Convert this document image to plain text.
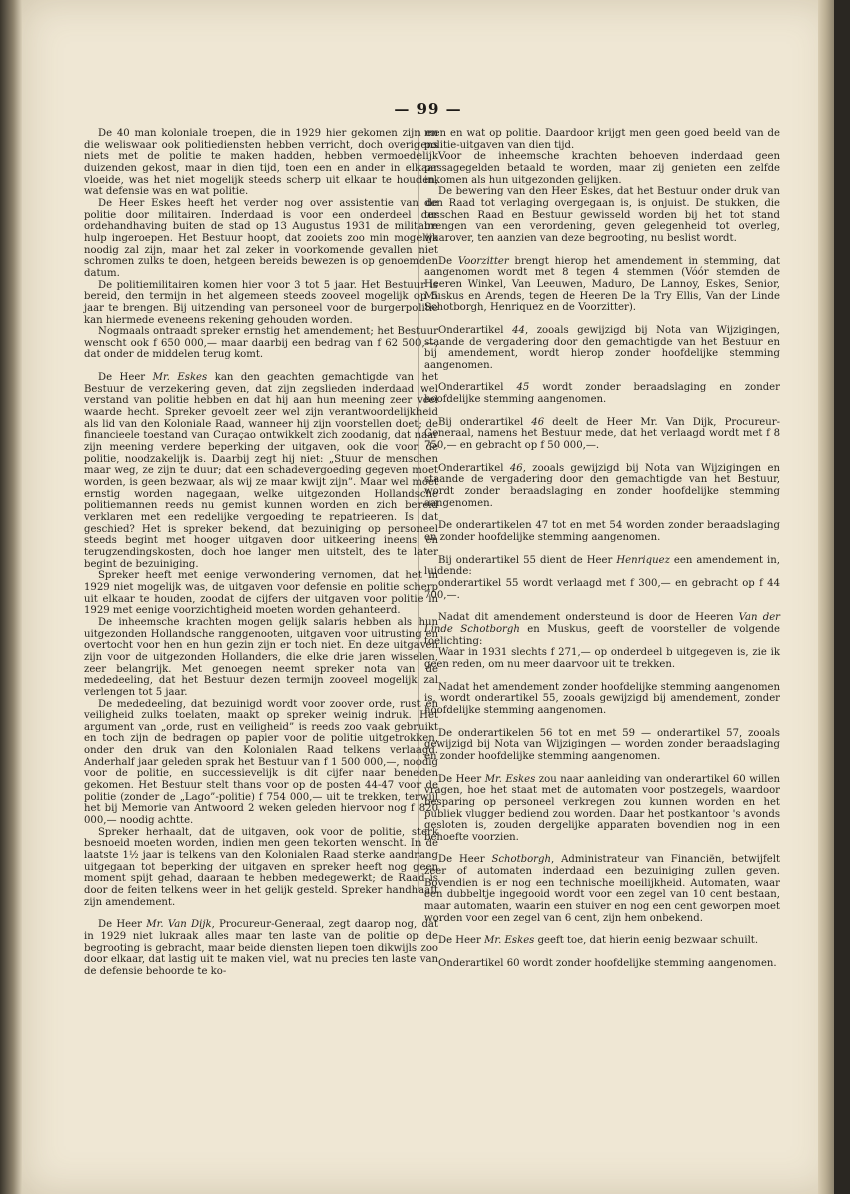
— 99 —

De 40 man koloniale troepen, die in 1929 hier gekomen zijn en die weliswaar ook politiediensten hebben verricht, doch overigens niets met de politie te maken hadden, hebben vermoedelijk duizenden gekost, maar in dien tijd, toen een en ander in elkaar vloeide, was het niet mogelijk steeds scherp uit elkaar te houden, wat defensie was en wat politie.

De Heer Eskes heeft het verder nog over assistentie van de politie door militairen. Inderdaad is voor een onderdeel der ordehandhaving buiten de stad op 13 Augustus 1931 de militaire hulp ingeroepen. Het Bestuur hoopt, dat zooiets zoo min mogelijk noodig zal zijn, maar het zal zeker in voorkomende gevallen niet schromen zulks te doen, hetgeen bereids bewezen is op genoemden datum.

De politiemilitairen komen hier voor 3 tot 5 jaar. Het Bestuur is bereid, den termijn in het algemeen steeds zooveel mogelijk op 5 jaar te brengen. Bij uitzending van personeel voor de burgerpolitie kan hiermede eveneens rekening gehouden worden.

Nogmaals ontraadt spreker ernstig het amendement; het Bestuur wenscht ook f 650 000,— maar daarbij een bedrag van f 62 500,—, dat onder de middelen terug komt.

De Heer Mr. Eskes kan den geachten gemachtigde van het Bestuur de verzekering geven, dat zijn zegslieden inderdaad wel verstand van politie hebben en dat hij aan hun meening zeer veel waarde hecht. Spreker gevoelt zeer wel zijn verantwoordelijkheid als lid van den Koloniale Raad, wanneer hij zijn voorstellen doet; de financieele toestand van Curaçao ontwikkelt zich zoodanig, dat naar zijn meening verdere beperking der uitgaven, ook die voor de politie, noodzakelijk is. Daarbij zegt hij niet: „Stuur de menschen maar weg, ze zijn te duur; dat een schadevergoeding gegeven moet worden, is geen bezwaar, als wij ze maar kwijt zijn”. Maar wel moet ernstig worden nagegaan, welke uitgezonden Hollandsche politiemannen reeds nu gemist kunnen worden en zich bereid verklaren met een redelijke vergoeding te repatrieeren. Is dat geschied? Het is spreker bekend, dat bezuiniging op personeel steeds begint met hooger uitgaven door uitkeering ineens en terugzendingskosten, doch hoe langer men uitstelt, des te later begint de bezuiniging.

Spreker heeft met eenige verwondering vernomen, dat het in 1929 niet mogelijk was, de uitgaven voor defensie en politie scherp uit elkaar te houden, zoodat de cijfers der uitgaven voor politie in 1929 met eenige voorzichtigheid moeten worden gehanteerd.

De inheemsche krachten mogen gelijk salaris hebben als hun uitgezonden Hollandsche ranggenooten, uitgaven voor uitrusting en overtocht voor hen en hun gezin zijn er toch niet. En deze uitgaven zijn voor de uitgezonden Hollanders, die elke drie jaren wisselen, zeer belangrijk. Met genoegen neemt spreker nota van de mededeeling, dat het Bestuur dezen termijn zooveel mogelijk zal verlengen tot 5 jaar.

De mededeeling, dat bezuinigd wordt voor zoover orde, rust en veiligheid zulks toelaten, maakt op spreker weinig indruk. Het argument van „orde, rust en veiligheid” is reeds zoo vaak gebruikt en toch zijn de bedragen op papier voor de politie uitgetrokken, onder den druk van den Kolonialen Raad telkens verlaagd. Anderhalf jaar geleden sprak het Bestuur van f 1 500 000,—, noodig voor de politie, en successievelijk is dit cijfer naar beneden gekomen. Het Bestuur stelt thans voor op de posten 44-47 voor de politie (zonder de „Lago”-politie) f 754 000,— uit te trekken, terwijl het bij Memorie van Antwoord 2 weken geleden hiervoor nog f 820 000,— noodig achtte.

Spreker herhaalt, dat de uitgaven, ook voor de politie, sterk besnoeid moeten worden, indien men geen tekorten wenscht. In de laatste 1½ jaar is telkens van den Kolonialen Raad sterke aandrang uitgegaan tot beperking der uitgaven en spreker heeft nog geen moment spijt gehad, daaraan te hebben medegewerkt; de Raad is door de feiten telkens weer in het gelijk gesteld. Spreker handhaaft zijn amendement.

De Heer Mr. Van Dijk, Procureur-Generaal, zegt daarop nog, dat in 1929 niet lukraak alles maar ten laste van de politie op de begrooting is gebracht, maar beide diensten liepen toen dikwijls zoo door elkaar, dat lastig uit te maken viel, wat nu precies ten laste van de defensie behoorde te ko-

men en wat op politie. Daardoor krijgt men geen goed beeld van de politie-uitgaven van dien tijd.

Voor de inheemsche krachten behoeven inderdaad geen passagegelden betaald te worden, maar zij genieten een zelfde inkomen als hun uitgezonden gelijken.

De bewering van den Heer Eskes, dat het Bestuur onder druk van den Raad tot verlaging overgegaan is, is onjuist. De stukken, die tusschen Raad en Bestuur gewisseld worden bij het tot stand brengen van een verordening, geven gelegenheid tot overleg, waarover, ten aanzien van deze begrooting, nu beslist wordt.

De Voorzitter brengt hierop het amendement in stemming, dat aangenomen wordt met 8 tegen 4 stemmen (Vóór stemden de Heeren Winkel, Van Leeuwen, Maduro, De Lannoy, Eskes, Senior, Muskus en Arends, tegen de Heeren De la Try Ellis, Van der Linde Schotborgh, Henriquez en de Voorzitter).

Onderartikel 44, zooals gewijzigd bij Nota van Wijzigingen, staande de vergadering door den gemachtigde van het Bestuur en bij amendement, wordt hierop zonder hoofdelijke stemming aangenomen.

Onderartikel 45 wordt zonder beraadslaging en zonder hoofdelijke stemming aangenomen.

Bij onderartikel 46 deelt de Heer Mr. Van Dijk, Procureur-Generaal, namens het Bestuur mede, dat het verlaagd wordt met f 8 750,— en gebracht op f 50 000,—.

Onderartikel 46, zooals gewijzigd bij Nota van Wijzigingen en staande de vergadering door den gemachtigde van het Bestuur, wordt zonder beraadslaging en zonder hoofdelijke stemming aangenomen.

De onderartikelen 47 tot en met 54 worden zonder beraadslaging en zonder hoofdelijke stemming aangenomen.

Bij onderartikel 55 dient de Heer Henriquez een amendement in, luidende:

onderartikel 55 wordt verlaagd met f 300,— en gebracht op f 44 700,—.

Nadat dit amendement ondersteund is door de Heeren Van der Linde Schotborgh en Muskus, geeft de voorsteller de volgende toelichting:

Waar in 1931 slechts f 271,— op onderdeel b uitgegeven is, zie ik geen reden, om nu meer daarvoor uit te trekken.

Nadat het amendement zonder hoofdelijke stemming aangenomen is, wordt onderartikel 55, zooals gewijzigd bij amendement, zonder hoofdelijke stemming aangenomen.

De onderartikelen 56 tot en met 59 — onderartikel 57, zooals gewijzigd bij Nota van Wijzigingen — worden zonder beraadslaging en zonder hoofdelijke stemming aangenomen.

De Heer Mr. Eskes zou naar aanleiding van onderartikel 60 willen vragen, hoe het staat met de automaten voor postzegels, waardoor besparing op personeel verkregen zou kunnen worden en het publiek vlugger bediend zou worden. Daar het postkantoor 's avonds gesloten is, zouden dergelijke apparaten bovendien nog in een behoefte voorzien.

De Heer Schotborgh, Administrateur van Financiën, betwijfelt zeer of automaten inderdaad een bezuiniging zullen geven. Bovendien is er nog een technische moeilijkheid. Automaten, waar een dubbeltje ingegooid wordt voor een zegel van 10 cent bestaan, maar automaten, waarin een stuiver en nog een cent geworpen moet worden voor een zegel van 6 cent, zijn hem onbekend.

De Heer Mr. Eskes geeft toe, dat hierin eenig bezwaar schuilt.

Onderartikel 60 wordt zonder hoofdelijke stemming aangenomen.
